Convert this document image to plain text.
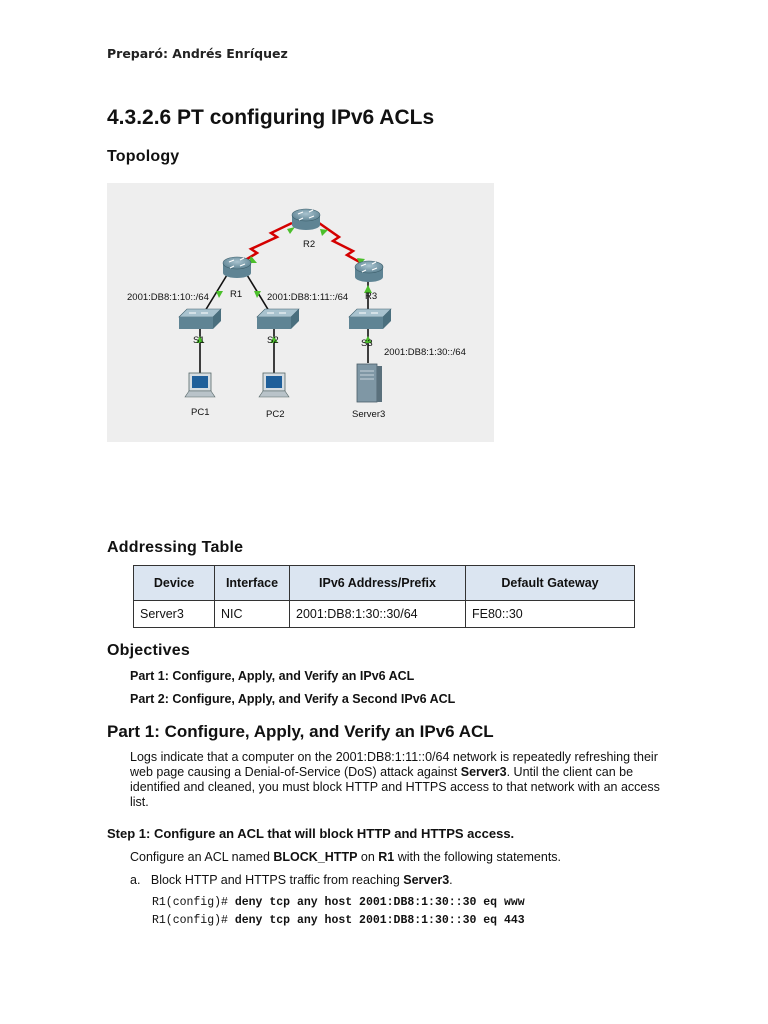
Preparó: Andrés Enríquez
4.3.2.6 PT configuring IPv6 ACLs
Topology
R2
R1	R3
S1	S2	S3
PC1	PC2	Server3
2001:DB8:1:10::/64	2001:DB8:1:11::/64
2001:DB8:1:30::/64
Addressing Table
Device	Interface	IPv6 Address/Prefix	Default Gateway
Server3	NIC	2001:DB8:1:30::30/64	FE80::30
Objectives
Part 1: Configure, Apply, and Verify an IPv6 ACL
Part 2: Configure, Apply, and Verify a Second IPv6 ACL
Part 1: Configure, Apply, and Verify an IPv6 ACL
Logs indicate that a computer on the 2001:DB8:1:11::0/64 network is repeatedly refreshing their web page causing a Denial-of-Service (DoS) attack against Server3. Until the client can be identified and cleaned, you must block HTTP and HTTPS access to that network with an access list.
Step 1: Configure an ACL that will block HTTP and HTTPS access.
Configure an ACL named BLOCK_HTTP on R1 with the following statements.
a. Block HTTP and HTTPS traffic from reaching Server3.
R1(config)# deny tcp any host 2001:DB8:1:30::30 eq www
R1(config)# deny tcp any host 2001:DB8:1:30::30 eq 443
